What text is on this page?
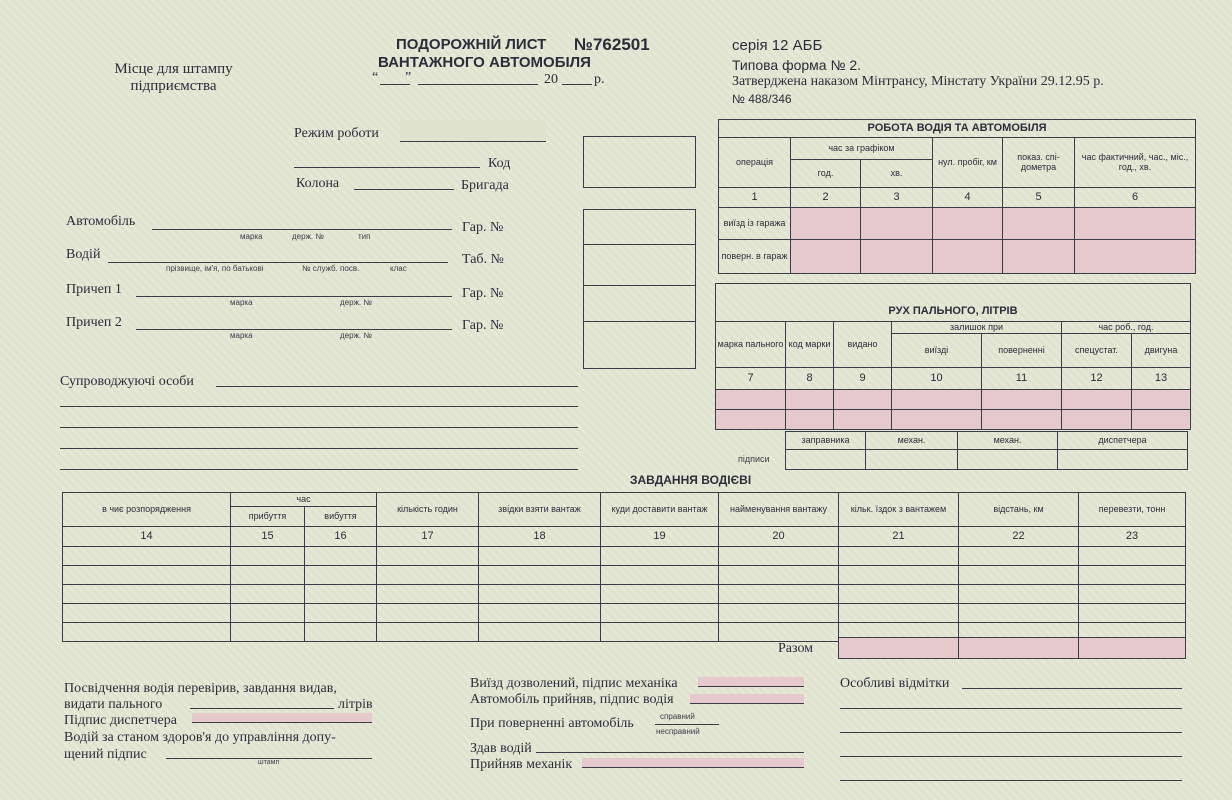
Місце для штампу
підприємства
ПОДОРОЖНІЙ ЛИСТ №762501
ВАНТАЖНОГО АВТОМОБІЛЯ
“ ”	20	р.
серія 12 АББ
Типова форма № 2.
Затверджена наказом Мінтрансу, Мінстату України 29.12.95 р.
№ 488/346
Режим роботи
Код
Колона	Бригада
Автомобіль
марка	держ. №	тип
Гар. №
Водій
прізвище, ім'я, по батькові	№ служб. посв.	клас
Таб. №
Причеп 1
марка	держ. №
Гар. №
Причеп 2
марка	держ. №
Гар. №
Супроводжуючі особи
РОБОТА ВОДІЯ ТА АВТОМОБІЛЯ					
операція	час за графіком		нул. пробіг, км	показ. спі-дометра	час фактичний, час., міс., год., хв.
	год.	хв.			
1	2	3	4	5	6
виїзд із гаража					
поверн. в гараж					
РУХ ПАЛЬНОГО, ЛІТРІВ						
марка пального	код марки	видано	залишок при		час роб., год.	
			виїзді	поверненні	спецустат.	двигуна
7	8	9	10	11	12	13

заправника	механ.	механ.	диспетчера

підписи
ЗАВДАННЯ ВОДІЄВІ
в чиє розпорядження	час		кількість годин	звідки взяти вантаж	куди доставити вантаж	найменування вантажу	кільк. їздок з вантажем	відстань, км	перевезти, тонн
	прибуття	вибуття							
14	15	16	17	18	19	20	21	22	23

Разом

Посвідчення водія перевірив, завдання видав,
видати пального	літрів
Підпис диспетчера
Водій за станом здоров'я до управління допу-
щений підпис
штамп
Виїзд дозволений, підпис механіка
Автомобіль прийняв, підпис водія
При поверненні автомобіль	справний
несправний
Здав водій
Прийняв механік
Особливі відмітки
